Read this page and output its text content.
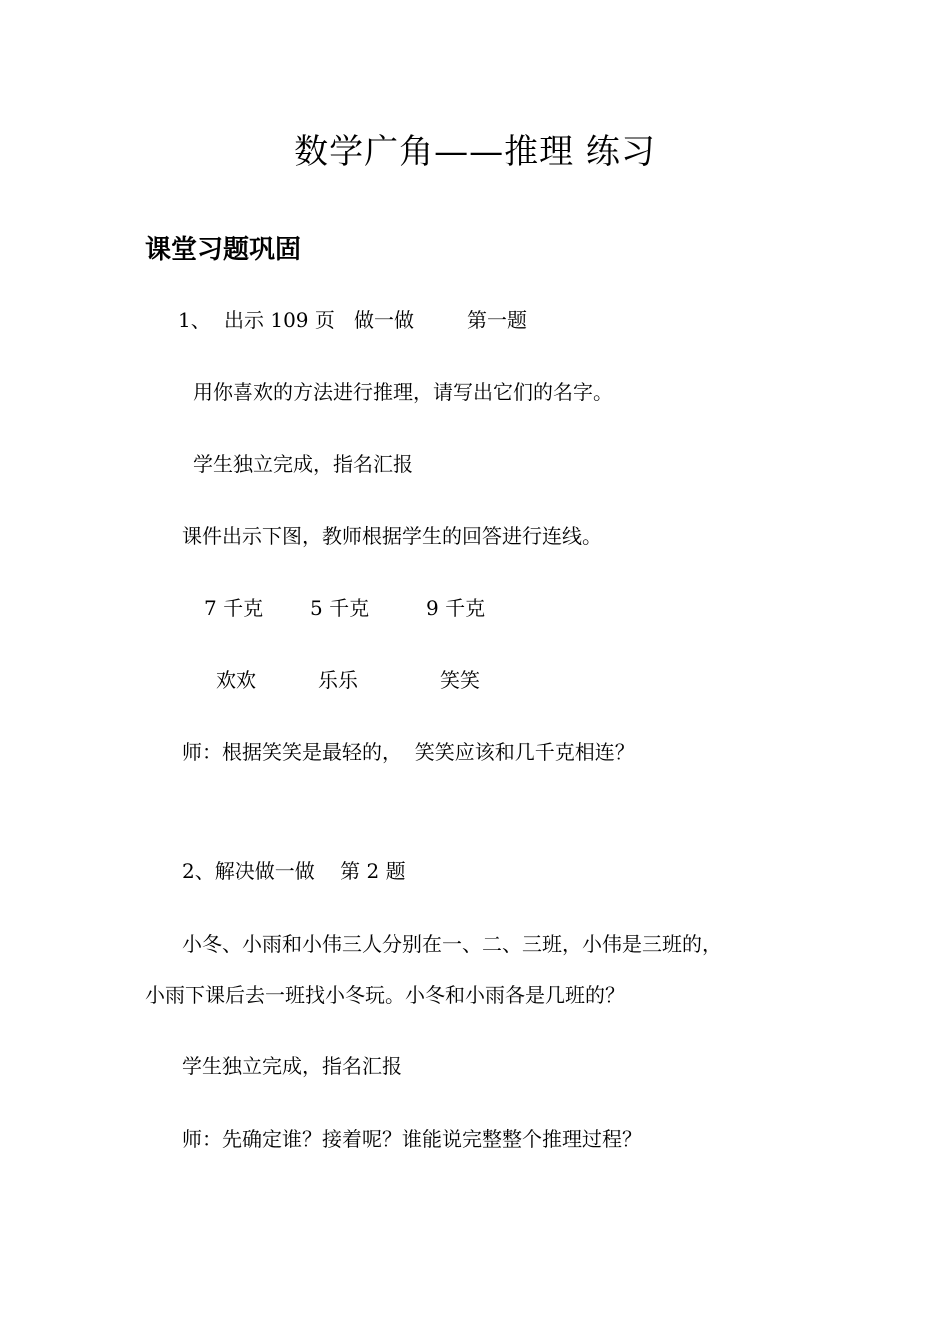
数学广角——推理 练习
课堂习题巩固
1、 出示 109 页 做一做	第一题

用你喜欢的方法进行推理，请写出它们的名字。

学生独立完成，指名汇报

课件出示下图，教师根据学生的回答进行连线。

7 千克 5 千克	9 千克
欢欢	乐乐	笑笑

师：根据笑笑是最轻的，  笑笑应该和几千克相连？

2、解决做一做    第 2 题

小冬、小雨和小伟三人分别在一、二、三班，小伟是三班的，

小雨下课后去一班找小冬玩。小冬和小雨各是几班的？

学生独立完成，指名汇报

师：先确定谁？接着呢？谁能说完整整个推理过程？
